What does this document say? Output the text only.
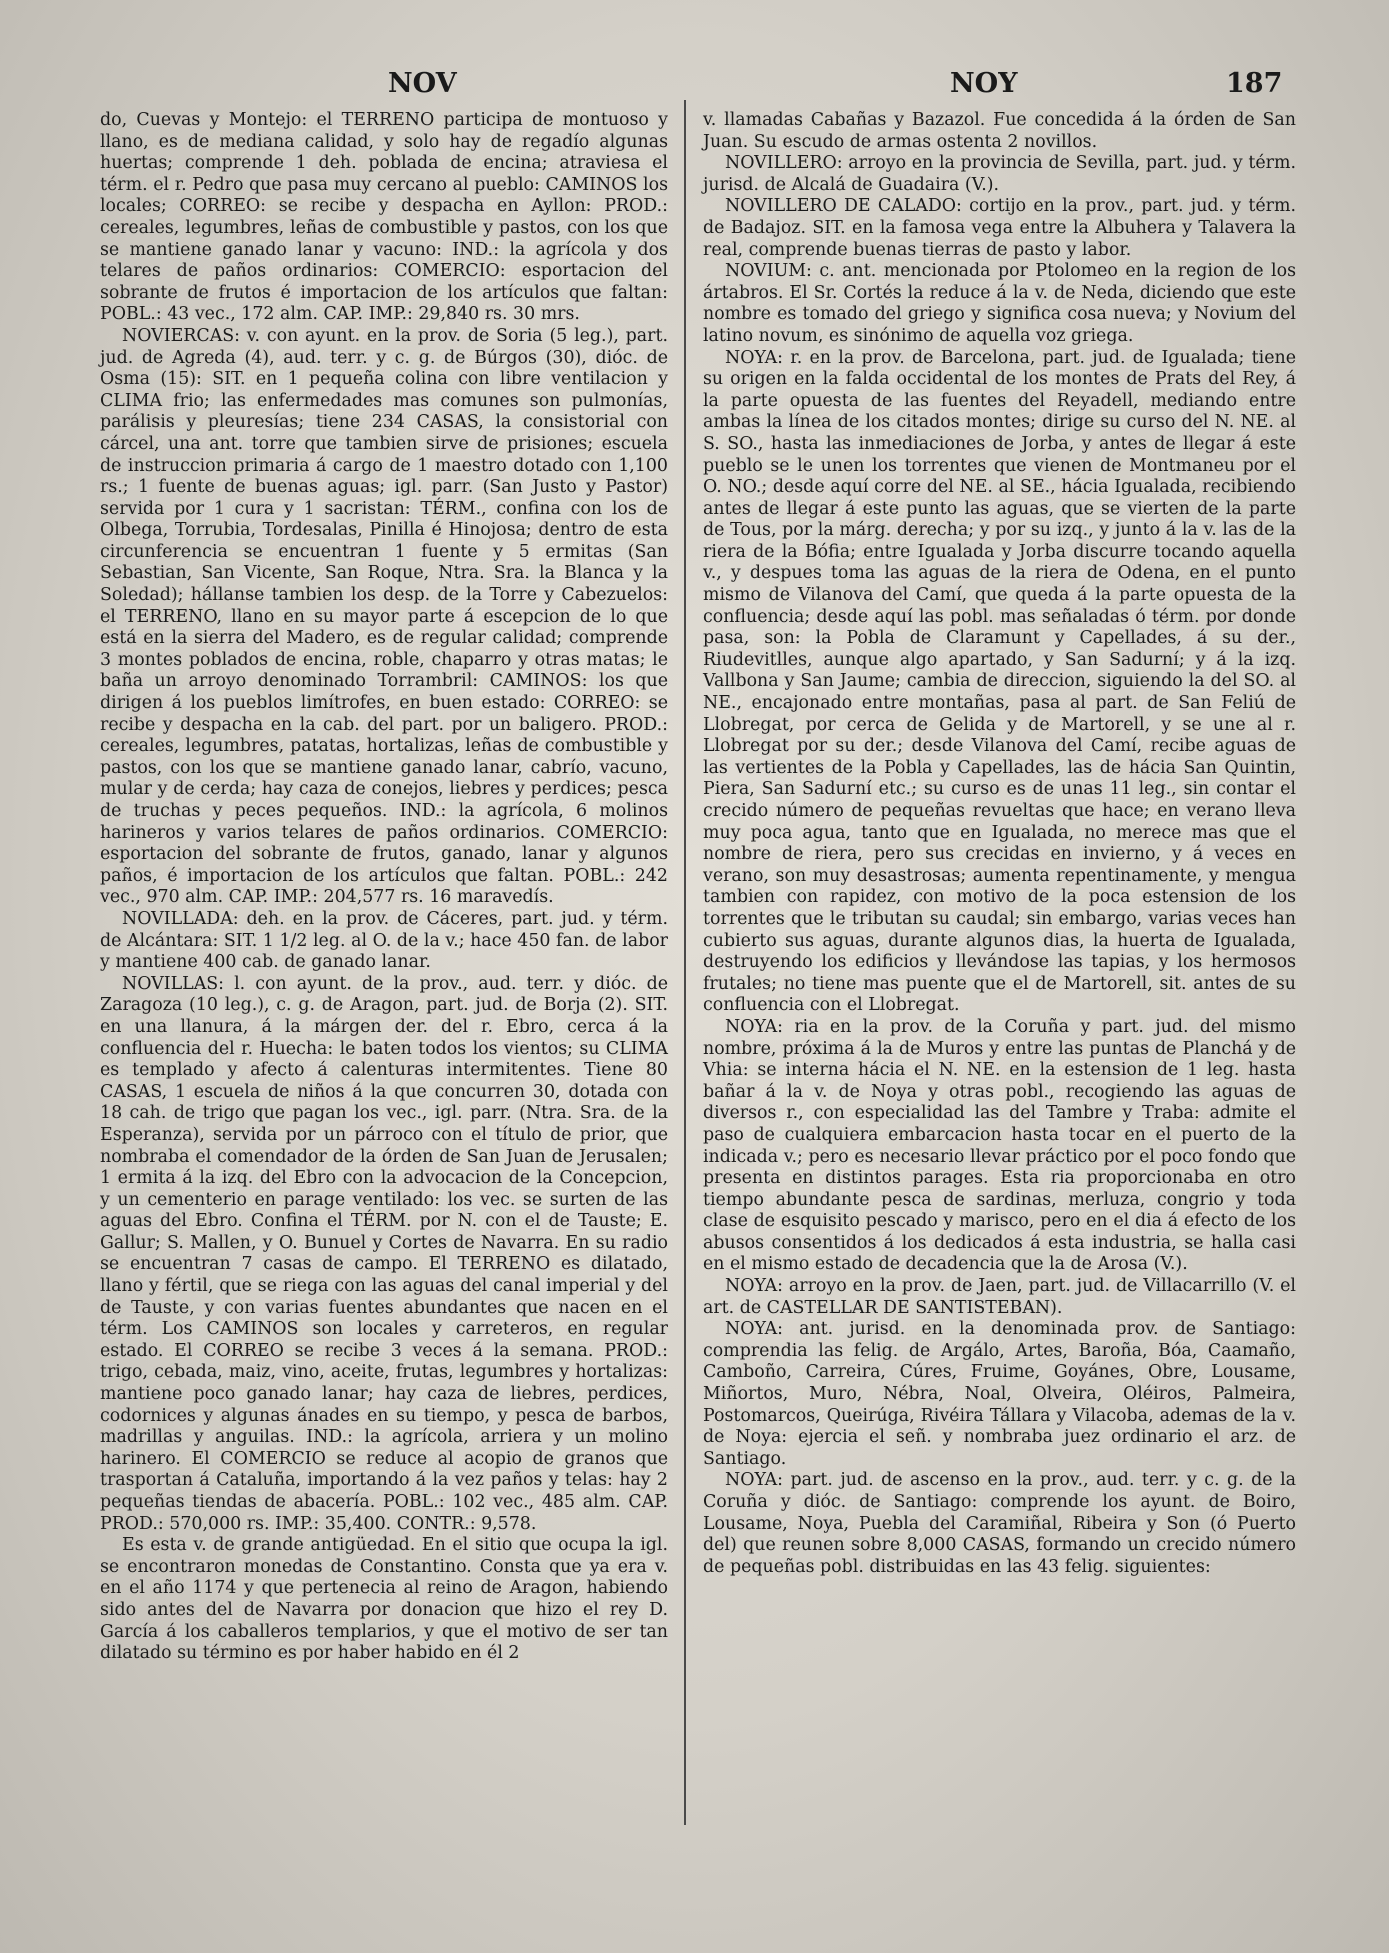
NOV	NOY	187

do, Cuevas y Montejo: el TERRENO participa de montuoso y llano, es de mediana calidad, y solo hay de regadío algunas huertas; comprende 1 deh. poblada de encina; atraviesa el térm. el r. Pedro que pasa muy cercano al pueblo: CAMINOS los locales; CORREO: se recibe y despacha en Ayllon: PROD.: cereales, legumbres, leñas de combustible y pastos, con los que se mantiene ganado lanar y vacuno: IND.: la agrícola y dos telares de paños ordinarios: COMERCIO: esportacion del sobrante de frutos é importacion de los artículos que faltan: POBL.: 43 vec., 172 alm. CAP. IMP.: 29,840 rs. 30 mrs.

NOVIERCAS: v. con ayunt. en la prov. de Soria (5 leg.), part. jud. de Agreda (4), aud. terr. y c. g. de Búrgos (30), dióc. de Osma (15): SIT. en 1 pequeña colina con libre ventilacion y CLIMA frio; las enfermedades mas comunes son pulmonías, parálisis y pleuresías; tiene 234 CASAS, la consistorial con cárcel, una ant. torre que tambien sirve de prisiones; escuela de instruccion primaria á cargo de 1 maestro dotado con 1,100 rs.; 1 fuente de buenas aguas; igl. parr. (San Justo y Pastor) servida por 1 cura y 1 sacristan: TÉRM., confina con los de Olbega, Torrubia, Tordesalas, Pinilla é Hinojosa; dentro de esta circunferencia se encuentran 1 fuente y 5 ermitas (San Sebastian, San Vicente, San Roque, Ntra. Sra. la Blanca y la Soledad); hállanse tambien los desp. de la Torre y Cabezuelos: el TERRENO, llano en su mayor parte á escepcion de lo que está en la sierra del Madero, es de regular calidad; comprende 3 montes poblados de encina, roble, chaparro y otras matas; le baña un arroyo denominado Torrambril: CAMINOS: los que dirigen á los pueblos limítrofes, en buen estado: CORREO: se recibe y despacha en la cab. del part. por un baligero. PROD.: cereales, legumbres, patatas, hortalizas, leñas de combustible y pastos, con los que se mantiene ganado lanar, cabrío, vacuno, mular y de cerda; hay caza de conejos, liebres y perdices; pesca de truchas y peces pequeños. IND.: la agrícola, 6 molinos harineros y varios telares de paños ordinarios. COMERCIO: esportacion del sobrante de frutos, ganado, lanar y algunos paños, é importacion de los artículos que faltan. POBL.: 242 vec., 970 alm. CAP. IMP.: 204,577 rs. 16 maravedís.

NOVILLADA: deh. en la prov. de Cáceres, part. jud. y térm. de Alcántara: SIT. 1 1/2 leg. al O. de la v.; hace 450 fan. de labor y mantiene 400 cab. de ganado lanar.

NOVILLAS: l. con ayunt. de la prov., aud. terr. y dióc. de Zaragoza (10 leg.), c. g. de Aragon, part. jud. de Borja (2). SIT. en una llanura, á la márgen der. del r. Ebro, cerca á la confluencia del r. Huecha: le baten todos los vientos; su CLIMA es templado y afecto á calenturas intermitentes. Tiene 80 CASAS, 1 escuela de niños á la que concurren 30, dotada con 18 cah. de trigo que pagan los vec., igl. parr. (Ntra. Sra. de la Esperanza), servida por un párroco con el título de prior, que nombraba el comendador de la órden de San Juan de Jerusalen; 1 ermita á la izq. del Ebro con la advocacion de la Concepcion, y un cementerio en parage ventilado: los vec. se surten de las aguas del Ebro. Confina el TÉRM. por N. con el de Tauste; E. Gallur; S. Mallen, y O. Bunuel y Cortes de Navarra. En su radio se encuentran 7 casas de campo. El TERRENO es dilatado, llano y fértil, que se riega con las aguas del canal imperial y del de Tauste, y con varias fuentes abundantes que nacen en el térm. Los CAMINOS son locales y carreteros, en regular estado. El CORREO se recibe 3 veces á la semana. PROD.: trigo, cebada, maiz, vino, aceite, frutas, legumbres y hortalizas: mantiene poco ganado lanar; hay caza de liebres, perdices, codornices y algunas ánades en su tiempo, y pesca de barbos, madrillas y anguilas. IND.: la agrícola, arriera y un molino harinero. El COMERCIO se reduce al acopio de granos que trasportan á Cataluña, importando á la vez paños y telas: hay 2 pequeñas tiendas de abacería. POBL.: 102 vec., 485 alm. CAP. PROD.: 570,000 rs. IMP.: 35,400. CONTR.: 9,578.

Es esta v. de grande antigüedad. En el sitio que ocupa la igl. se encontraron monedas de Constantino. Consta que ya era v. en el año 1174 y que pertenecia al reino de Aragon, habiendo sido antes del de Navarra por donacion que hizo el rey D. García á los caballeros templarios, y que el motivo de ser tan dilatado su término es por haber habido en él 2

v. llamadas Cabañas y Bazazol. Fue concedida á la órden de San Juan. Su escudo de armas ostenta 2 novillos.

NOVILLERO: arroyo en la provincia de Sevilla, part. jud. y térm. jurisd. de Alcalá de Guadaira (V.).

NOVILLERO DE CALADO: cortijo en la prov., part. jud. y térm. de Badajoz. SIT. en la famosa vega entre la Albuhera y Talavera la real, comprende buenas tierras de pasto y labor.

NOVIUM: c. ant. mencionada por Ptolomeo en la region de los ártabros. El Sr. Cortés la reduce á la v. de Neda, diciendo que este nombre es tomado del griego y significa cosa nueva; y Novium del latino novum, es sinónimo de aquella voz griega.

NOYA: r. en la prov. de Barcelona, part. jud. de Igualada; tiene su origen en la falda occidental de los montes de Prats del Rey, á la parte opuesta de las fuentes del Reyadell, mediando entre ambas la línea de los citados montes; dirige su curso del N. NE. al S. SO., hasta las inmediaciones de Jorba, y antes de llegar á este pueblo se le unen los torrentes que vienen de Montmaneu por el O. NO.; desde aquí corre del NE. al SE., hácia Igualada, recibiendo antes de llegar á este punto las aguas, que se vierten de la parte de Tous, por la márg. derecha; y por su izq., y junto á la v. las de la riera de la Bófia; entre Igualada y Jorba discurre tocando aquella v., y despues toma las aguas de la riera de Odena, en el punto mismo de Vilanova del Camí, que queda á la parte opuesta de la confluencia; desde aquí las pobl. mas señaladas ó térm. por donde pasa, son: la Pobla de Claramunt y Capellades, á su der., Riudevitlles, aunque algo apartado, y San Sadurní; y á la izq. Vallbona y San Jaume; cambia de direccion, siguiendo la del SO. al NE., encajonado entre montañas, pasa al part. de San Feliú de Llobregat, por cerca de Gelida y de Martorell, y se une al r. Llobregat por su der.; desde Vilanova del Camí, recibe aguas de las vertientes de la Pobla y Capellades, las de hácia San Quintin, Piera, San Sadurní etc.; su curso es de unas 11 leg., sin contar el crecido número de pequeñas revueltas que hace; en verano lleva muy poca agua, tanto que en Igualada, no merece mas que el nombre de riera, pero sus crecidas en invierno, y á veces en verano, son muy desastrosas; aumenta repentinamente, y mengua tambien con rapidez, con motivo de la poca estension de los torrentes que le tributan su caudal; sin embargo, varias veces han cubierto sus aguas, durante algunos dias, la huerta de Igualada, destruyendo los edificios y llevándose las tapias, y los hermosos frutales; no tiene mas puente que el de Martorell, sit. antes de su confluencia con el Llobregat.

NOYA: ria en la prov. de la Coruña y part. jud. del mismo nombre, próxima á la de Muros y entre las puntas de Planchá y de Vhia: se interna hácia el N. NE. en la estension de 1 leg. hasta bañar á la v. de Noya y otras pobl., recogiendo las aguas de diversos r., con especialidad las del Tambre y Traba: admite el paso de cualquiera embarcacion hasta tocar en el puerto de la indicada v.; pero es necesario llevar práctico por el poco fondo que presenta en distintos parages. Esta ria proporcionaba en otro tiempo abundante pesca de sardinas, merluza, congrio y toda clase de esquisito pescado y marisco, pero en el dia á efecto de los abusos consentidos á los dedicados á esta industria, se halla casi en el mismo estado de decadencia que la de Arosa (V.).

NOYA: arroyo en la prov. de Jaen, part. jud. de Villacarrillo (V. el art. de CASTELLAR DE SANTISTEBAN).

NOYA: ant. jurisd. en la denominada prov. de Santiago: comprendia las felig. de Argálo, Artes, Baroña, Bóa, Caamaño, Camboño, Carreira, Cúres, Fruime, Goyánes, Obre, Lousame, Miñortos, Muro, Nébra, Noal, Olveira, Oléiros, Palmeira, Postomarcos, Queirúga, Rivéira Tállara y Vilacoba, ademas de la v. de Noya: ejercia el señ. y nombraba juez ordinario el arz. de Santiago.

NOYA: part. jud. de ascenso en la prov., aud. terr. y c. g. de la Coruña y dióc. de Santiago: comprende los ayunt. de Boiro, Lousame, Noya, Puebla del Caramiñal, Ribeira y Son (ó Puerto del) que reunen sobre 8,000 CASAS, formando un crecido número de pequeñas pobl. distribuidas en las 43 felig. siguientes:
